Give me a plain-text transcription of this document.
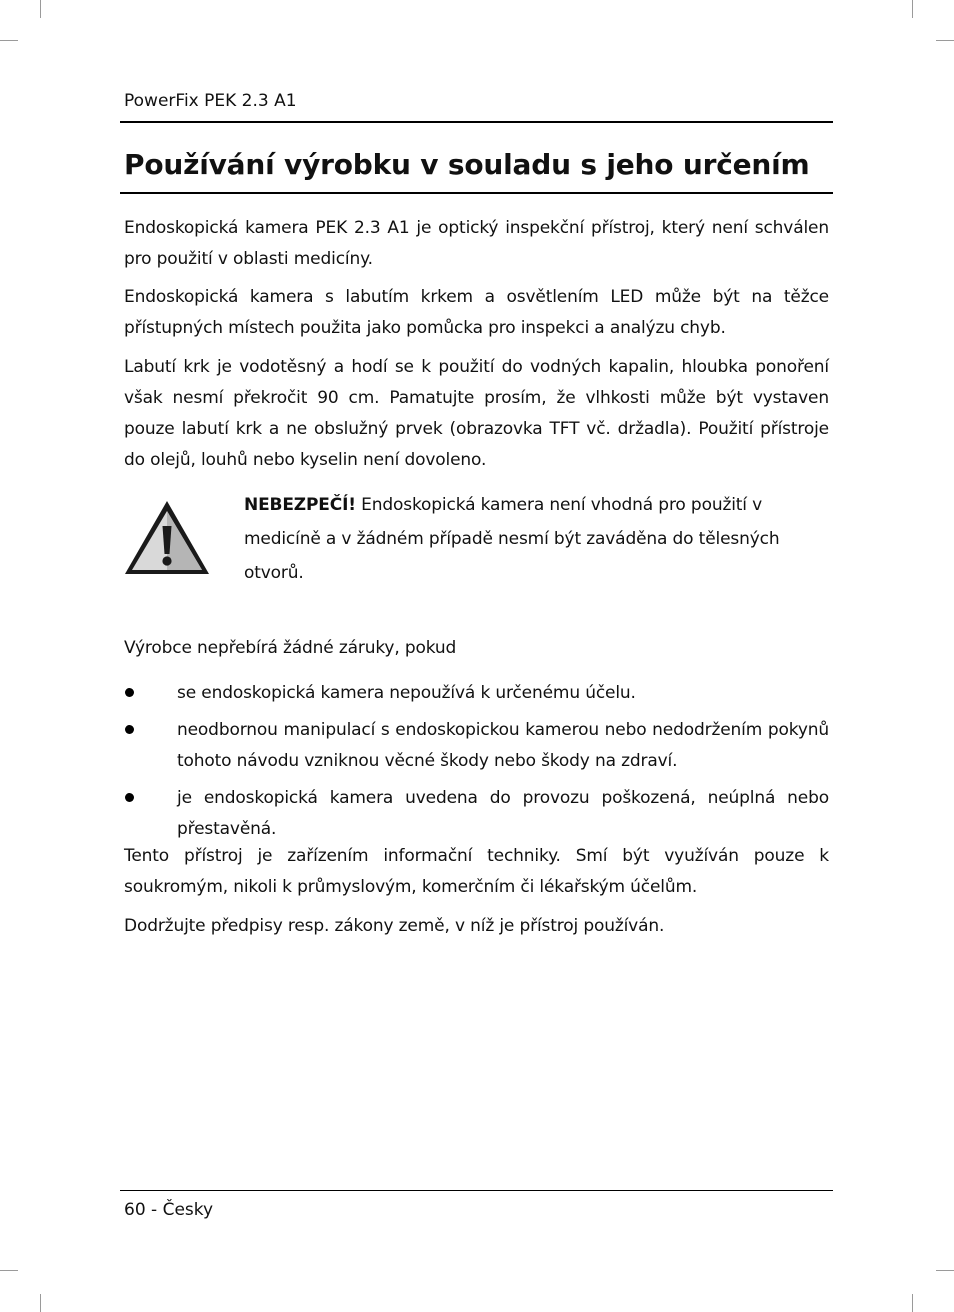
PowerFix PEK 2.3 A1
Používání výrobku v souladu s jeho určením

Endoskopická kamera PEK 2.3 A1 je optický inspekční přístroj, který není schválen pro použití v oblasti medicíny.

Endoskopická kamera s labutím krkem a osvětlením LED může být na těžce přístupných místech použita jako pomůcka pro inspekci a analýzu chyb.

Labutí krk je vodotěsný a hodí se k použití do vodných kapalin, hloubka ponoření však nesmí překročit 90 cm. Pamatujte prosím, že vlhkosti může být vystaven pouze labutí krk a ne obslužný prvek (obrazovka TFT vč. držadla). Použití přístroje do olejů, louhů nebo kyselin není dovoleno.

NEBEZPEČÍ! Endoskopická kamera není vhodná pro použití v medicíně a v žádném případě nesmí být zaváděna do tělesných otvorů.

Výrobce nepřebírá žádné záruky, pokud

se endoskopická kamera nepoužívá k určenému účelu.
neodbornou manipulací s endoskopickou kamerou nebo nedodržením pokynů tohoto návodu vzniknou věcné škody nebo škody na zdraví.
je endoskopická kamera uvedena do provozu poškozená, neúplná nebo přestavěná.

Tento přístroj je zařízením informační techniky. Smí být využíván pouze k soukromým, nikoli k průmyslovým, komerčním či lékařským účelům.

Dodržujte předpisy resp. zákony země, v níž je přístroj používán.

60 - Česky
